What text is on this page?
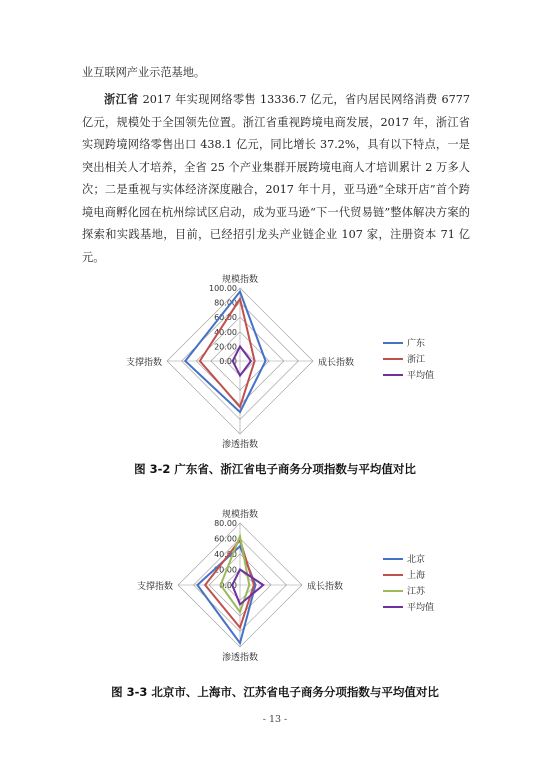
业互联网产业示范基地。

浙江省 2017 年实现网络零售 13336.7 亿元，省内居民网络消费 6777 亿元，规模处于全国领先位置。浙江省重视跨境电商发展，2017 年，浙江省实现跨境网络零售出口 438.1 亿元，同比增长 37.2%，具有以下特点，一是突出相关人才培养，全省 25 个产业集群开展跨境电商人才培训累计 2 万多人次；二是重视与实体经济深度融合，2017 年十月，亚马逊“全球开店”首个跨境电商孵化园在杭州综试区启动，成为亚马逊“下一代贸易链”整体解决方案的探索和实践基地，目前，已经招引龙头产业链企业 107 家，注册资本 71 亿元。

0.00
20.00
40.00
60.00
80.00
100.00
规模指数
成长指数
渗透指数
支撑指数
广东
浙江
平均值
图 3-2 广东省、浙江省电子商务分项指数与平均值对比
0.00
20.00
40.00
60.00
80.00
规模指数
成长指数
渗透指数
支撑指数
北京
上海
江苏
平均值
图 3-3 北京市、上海市、江苏省电子商务分项指数与平均值对比
- 13 -
